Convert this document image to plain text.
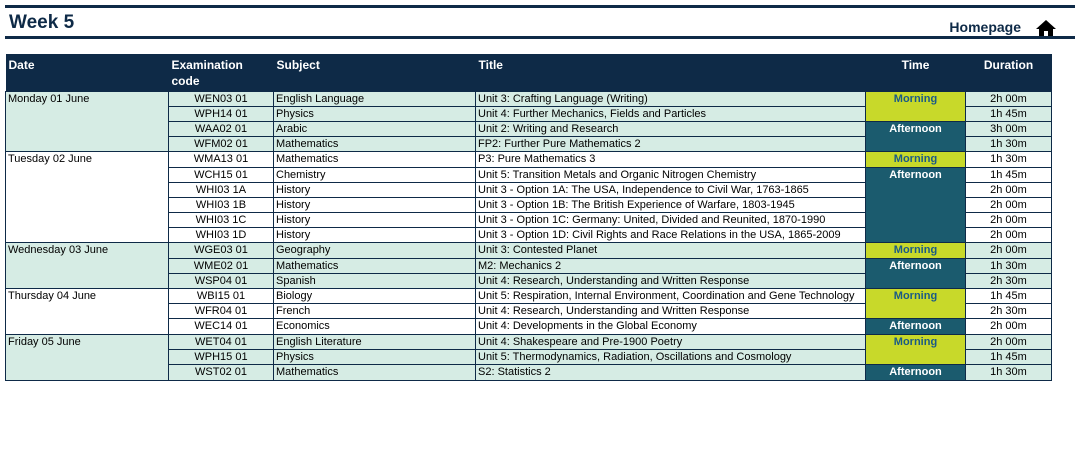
Week 5	Homepage
Date	Examination code	Subject	Title	Time	Duration
Monday 01 June	WEN03 01	English Language	Unit 3: Crafting Language (Writing)	Morning	2h 00m
	WPH14 01	Physics	Unit 4: Further Mechanics, Fields and Particles		1h 45m
	WAA02 01	Arabic	Unit 2: Writing and Research	Afternoon	3h 00m
	WFM02 01	Mathematics	FP2: Further Pure Mathematics 2		1h 30m
Tuesday 02 June	WMA13 01	Mathematics	P3: Pure Mathematics 3	Morning	1h 30m
	WCH15 01	Chemistry	Unit 5: Transition Metals and Organic Nitrogen Chemistry	Afternoon	1h 45m
	WHI03 1A	History	Unit 3 - Option 1A: The USA, Independence to Civil War, 1763-1865		2h 00m
	WHI03 1B	History	Unit 3 - Option 1B: The British Experience of Warfare, 1803-1945		2h 00m
	WHI03 1C	History	Unit 3 - Option 1C: Germany: United, Divided and Reunited, 1870-1990		2h 00m
	WHI03 1D	History	Unit 3 - Option 1D: Civil Rights and Race Relations in the USA, 1865-2009		2h 00m
Wednesday 03 June	WGE03 01	Geography	Unit 3: Contested Planet	Morning	2h 00m
	WME02 01	Mathematics	M2: Mechanics 2	Afternoon	1h 30m
	WSP04 01	Spanish	Unit 4: Research, Understanding and Written Response		2h 30m
Thursday 04 June	WBI15 01	Biology	Unit 5: Respiration, Internal Environment, Coordination and Gene Technology	Morning	1h 45m
	WFR04 01	French	Unit 4: Research, Understanding and Written Response		2h 30m
	WEC14 01	Economics	Unit 4: Developments in the Global Economy	Afternoon	2h 00m
Friday 05 June	WET04 01	English Literature	Unit 4: Shakespeare and Pre-1900 Poetry	Morning	2h 00m
	WPH15 01	Physics	Unit 5: Thermodynamics, Radiation, Oscillations and Cosmology		1h 45m
	WST02 01	Mathematics	S2: Statistics 2	Afternoon	1h 30m
